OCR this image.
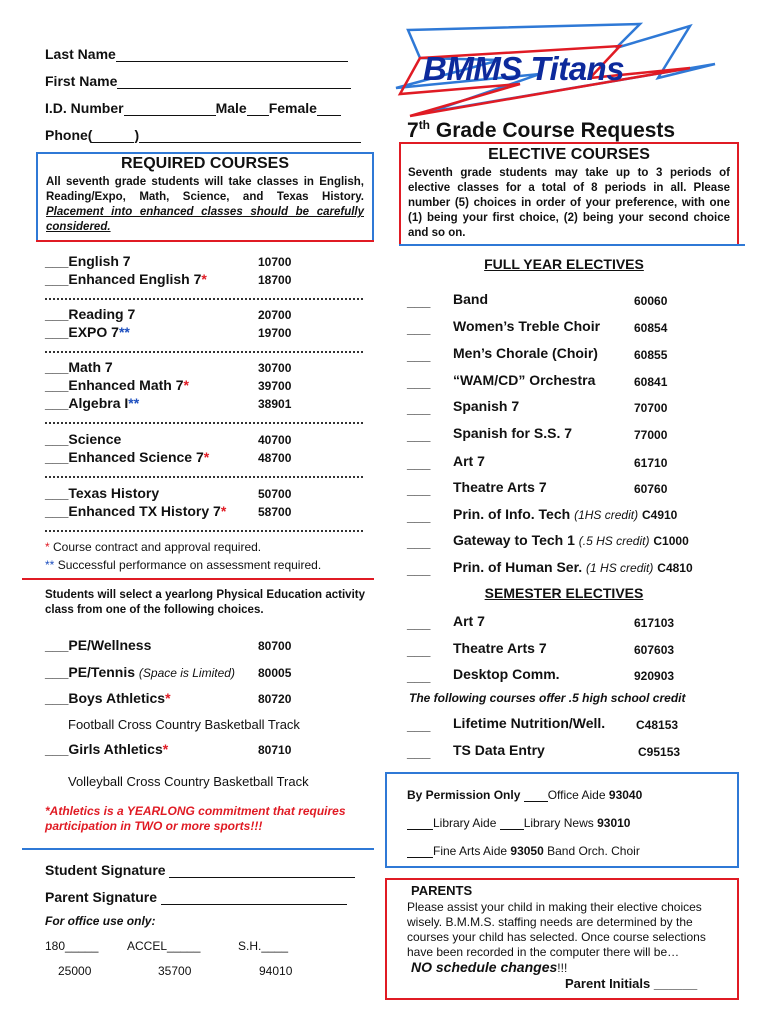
Last Name
First Name
I.D. Number	Male Female
Phone(	)
BMMS Titans
7th Grade Course Requests
REQUIRED COURSES
All seventh grade students will take classes in English, Reading/Expo, Math, Science, and Texas History. Placement into enhanced classes should be carefully considered.
___English 7	10700
___Enhanced English 7*	18700
___Reading 7	20700
___EXPO 7**	19700
___Math 7	30700
___Enhanced Math 7*	39700
___Algebra I**	38901
___Science	40700
___Enhanced Science 7*	48700
___Texas History	50700
___Enhanced TX History 7*	58700
* Course contract and approval required.
** Successful performance on assessment required.
Students will select a yearlong Physical Education activity class from one of the following choices.
___PE/Wellness	80700
___PE/Tennis (Space is Limited) 80005
___Boys Athletics*	80720
___Girls Athletics*	80710
Football Cross Country Basketball Track
Volleyball Cross Country Basketball Track
*Athletics is a YEARLONG commitment that requires participation in TWO or more sports!!!
Student Signature
Parent Signature
For office use only:
180_____
25000
ACCEL_____
35700
S.H.____
94010
ELECTIVE COURSES
Seventh grade students may take up to 3 periods of elective classes for a total of 8 periods in all. Please number (5) choices in order of your preference, with one (1) being your first choice, (2) being your second choice and so on.
FULL YEAR ELECTIVES
___ Band	60060
___ Women’s Treble Choir	60854
___ Men’s Chorale (Choir)	60855
___ “WAM/CD” Orchestra	60841
___ Spanish 7	70700
___ Spanish for S.S. 7	77000
___ Art 7	61710
___ Theatre Arts 7	60760
___ Prin. of Info. Tech (1HS credit) C4910
___ Gateway to Tech 1 (.5 HS credit) C1000
___ Prin. of Human Ser. (1 HS credit) C4810
SEMESTER ELECTIVES
___ Art 7	617103
___ Theatre Arts 7	607603
___ Desktop Comm.	920903
The following courses offer .5 high school credit
___ Lifetime Nutrition/Well.	C48153
___ TS Data Entry	C95153
By Permission Only Office Aide 93040
Library Aide Library News 93010
Fine Arts Aide 93050 Band Orch. Choir
PARENTS
Please assist your child in making their elective choices wisely. B.M.M.S. staffing needs are determined by the courses your child has selected. Once course selections have been recorded in the computer there will be…
NO schedule changes!!!
Parent Initials ______
